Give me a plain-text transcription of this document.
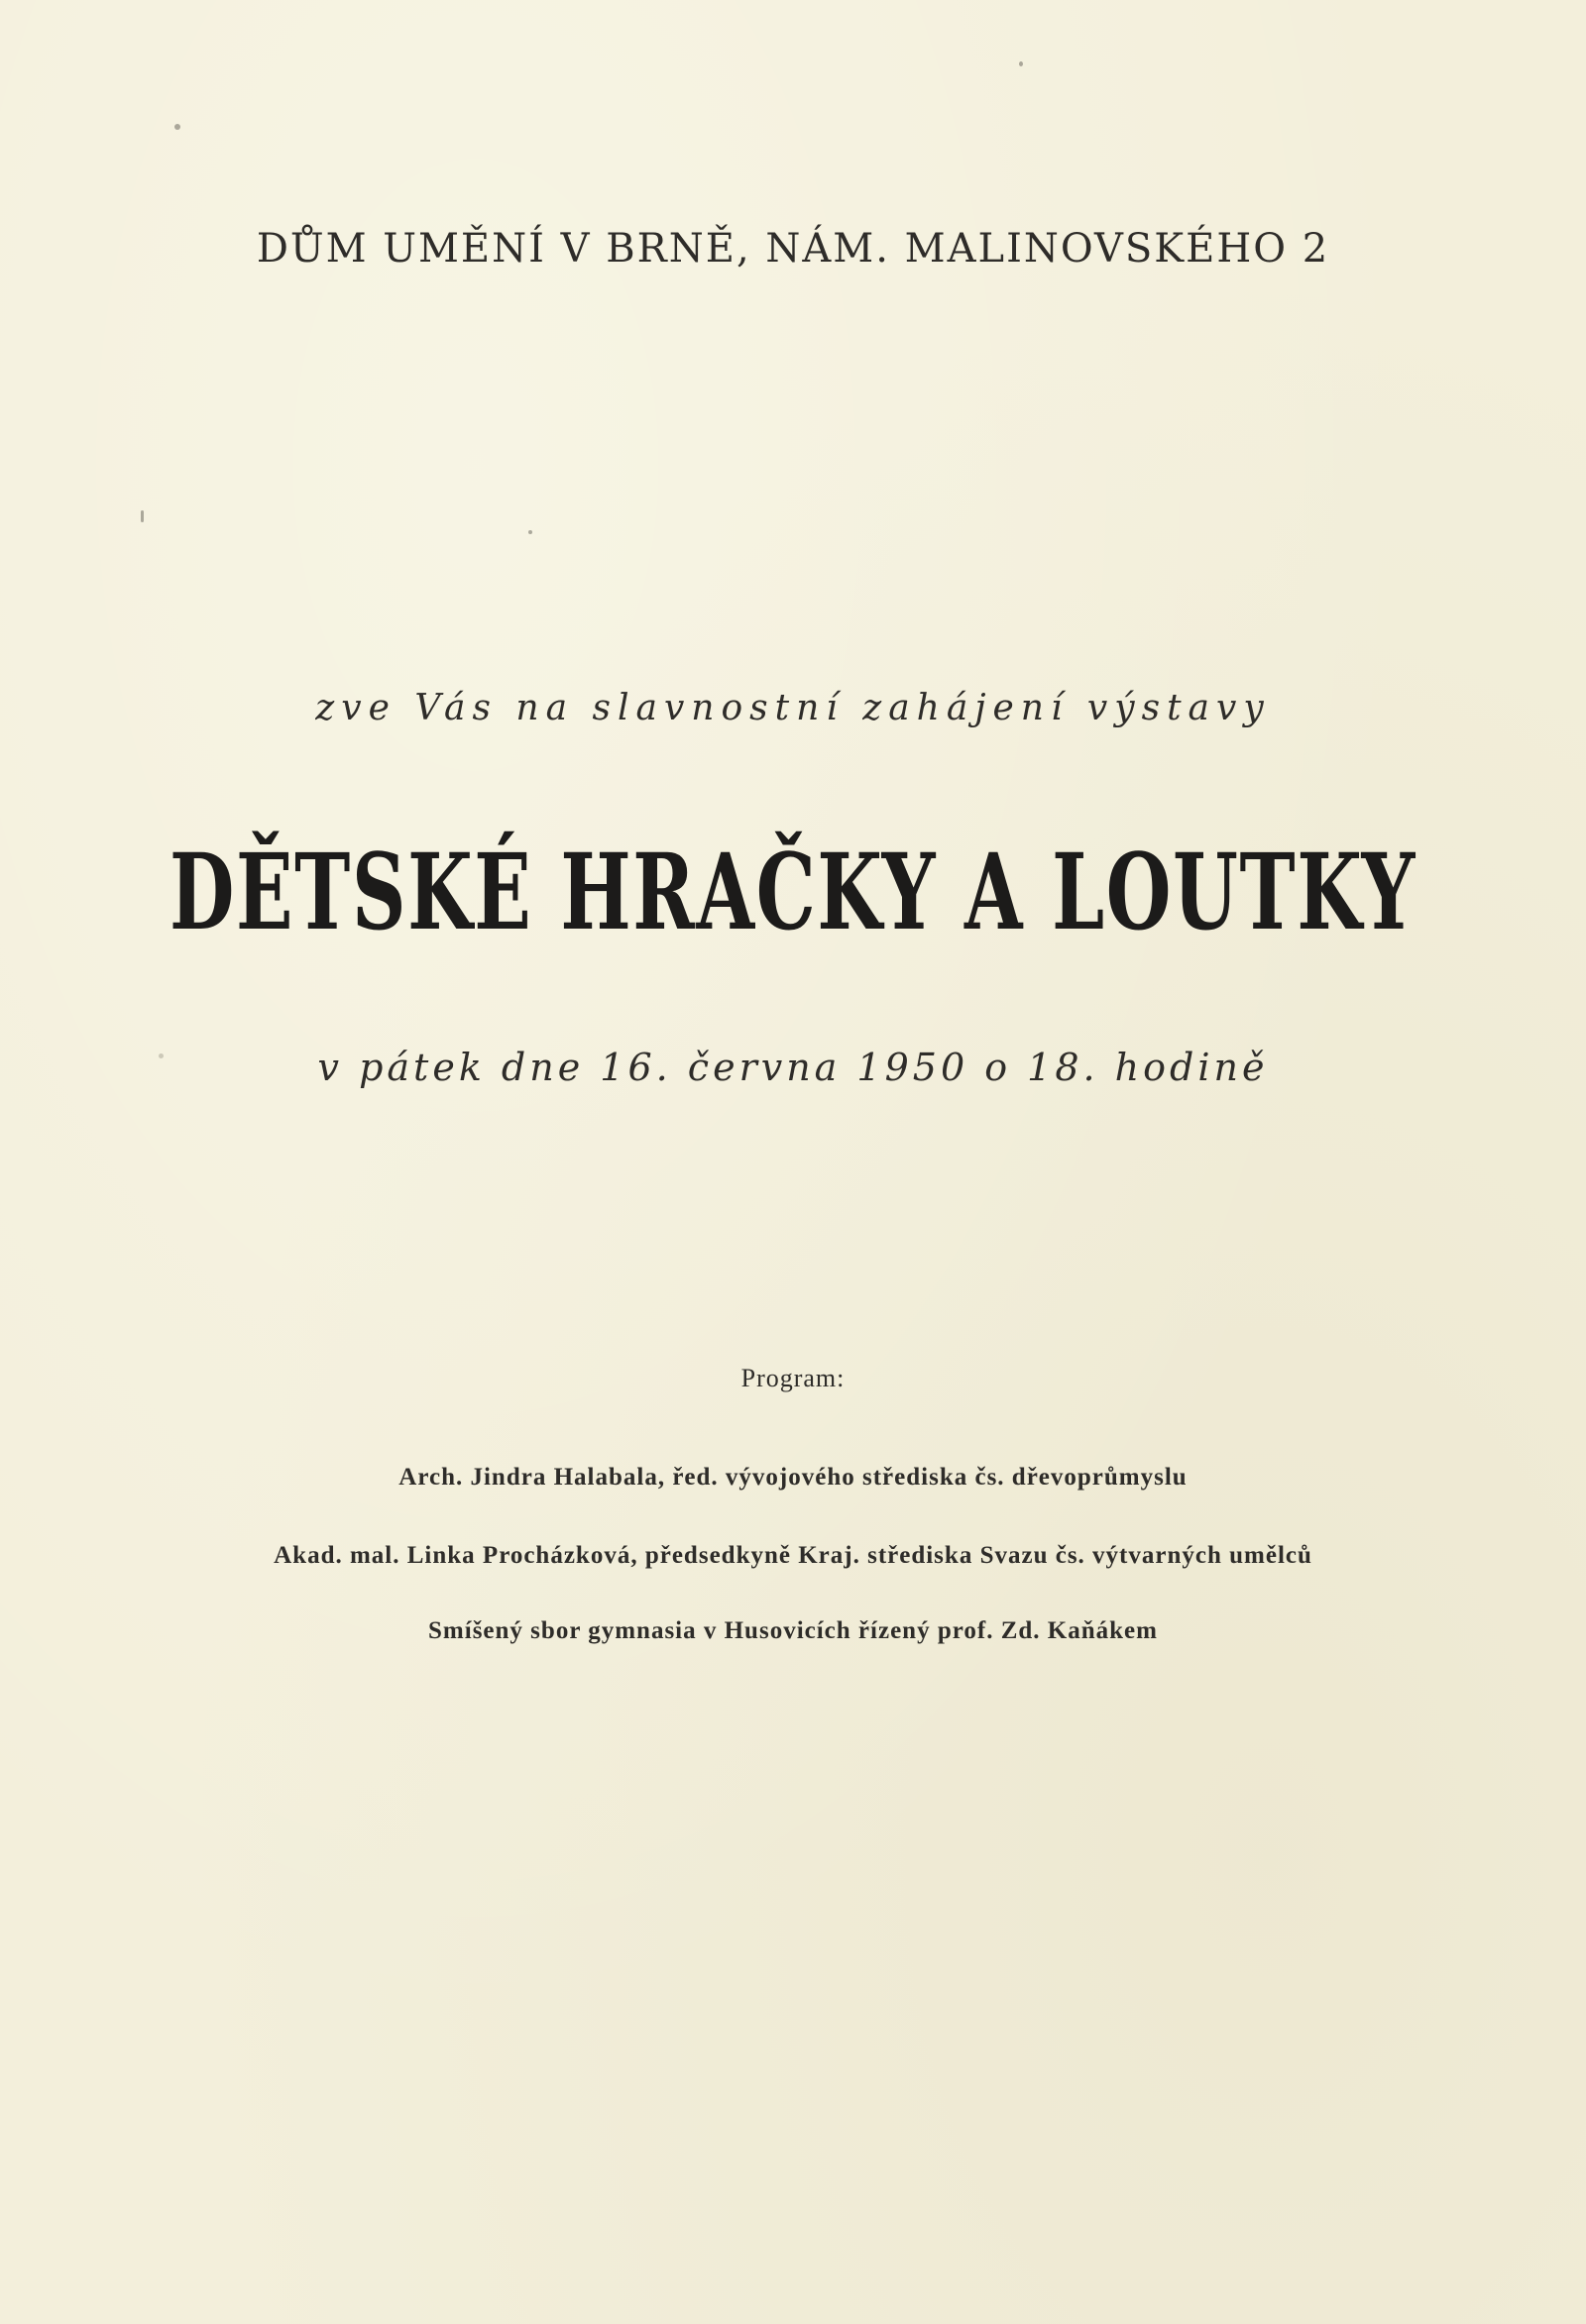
DŮM UMĚNÍ V BRNĚ, NÁM. MALINOVSKÉHO 2
zve Vás na slavnostní zahájení výstavy
DĚTSKÉ HRAČKY A LOUTKY
v pátek dne 16. června 1950 o 18. hodině
Program:
Arch. Jindra Halabala, řed. vývojového střediska čs. dřevoprůmyslu
Akad. mal. Linka Procházková, předsedkyně Kraj. střediska Svazu čs. výtvarných umělců
Smíšený sbor gymnasia v Husovicích řízený prof. Zd. Kaňákem
